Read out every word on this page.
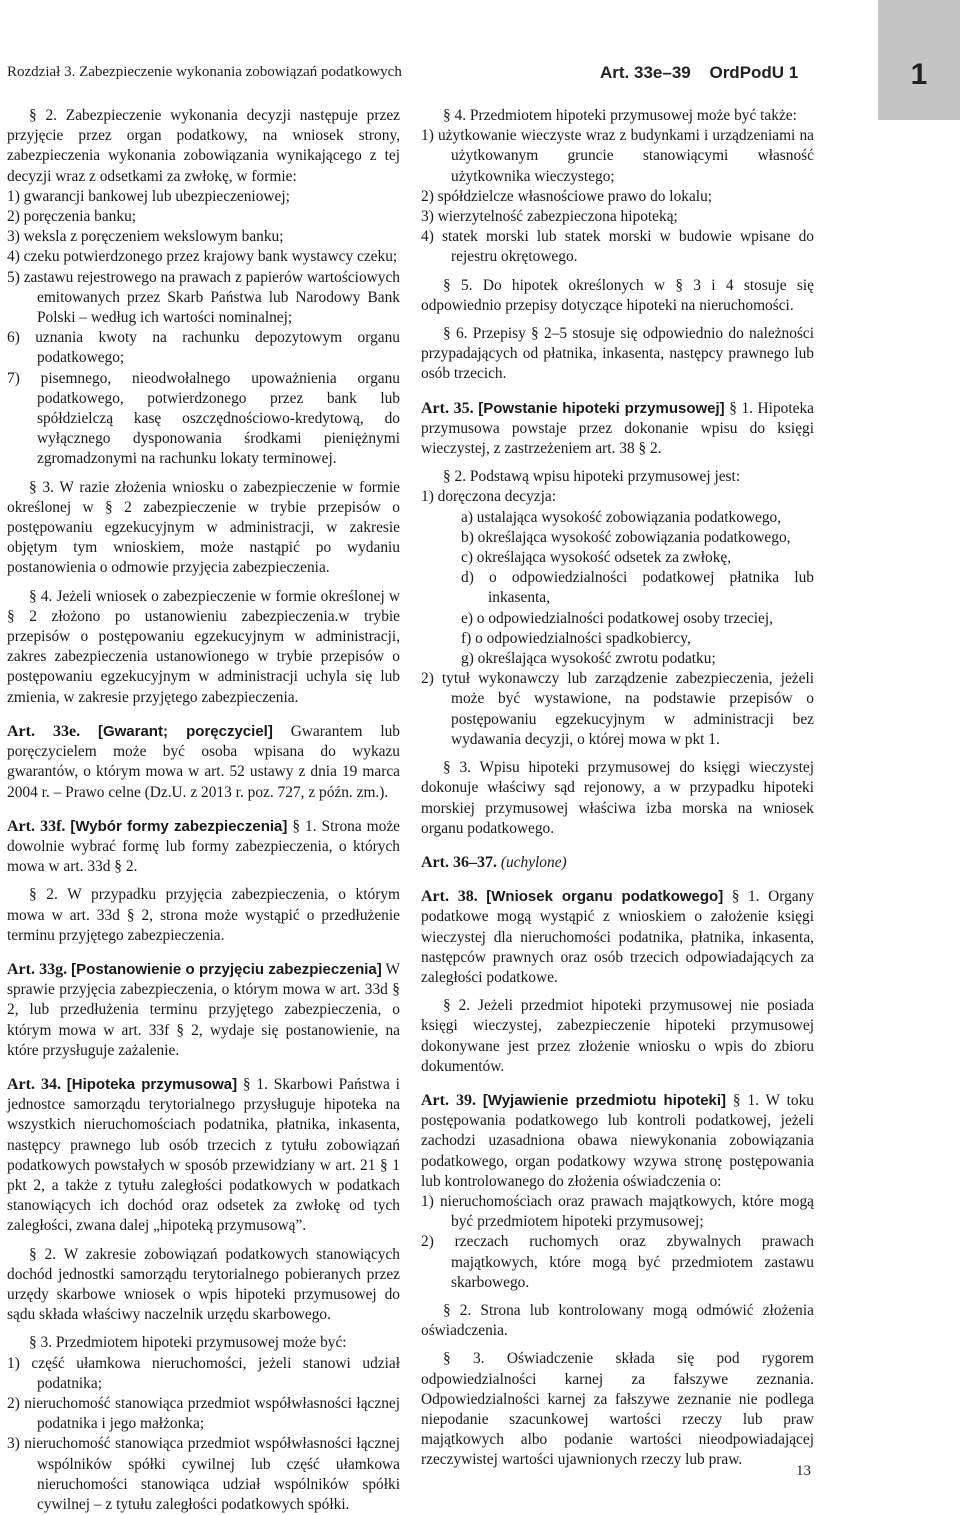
Rozdział 3. Zabezpieczenie wykonania zobowiązań podatkowych	Art. 33e–39 OrdPodU 1	1

§ 2. Zabezpieczenie wykonania decyzji następuje przez przyjęcie przez organ podatkowy, na wniosek strony, zabezpieczenia wykonania zobowiązania wynikającego z tej decyzji wraz z odsetkami za zwłokę, w formie:

1) gwarancji bankowej lub ubezpieczeniowej;

2) poręczenia banku;

3) weksla z poręczeniem wekslowym banku;

4) czeku potwierdzonego przez krajowy bank wystawcy czeku;

5) zastawu rejestrowego na prawach z papierów wartościowych emitowanych przez Skarb Państwa lub Narodowy Bank Polski – według ich wartości nominalnej;

6) uznania kwoty na rachunku depozytowym organu podatkowego;

7) pisemnego, nieodwołalnego upoważnienia organu podatkowego, potwierdzonego przez bank lub spółdzielczą kasę oszczędnościowo-kredytową, do wyłącznego dysponowania środkami pieniężnymi zgromadzonymi na rachunku lokaty terminowej.

§ 3. W razie złożenia wniosku o zabezpieczenie w formie określonej w § 2 zabezpieczenie w trybie przepisów o postępowaniu egzekucyjnym w administracji, w zakresie objętym tym wnioskiem, może nastąpić po wydaniu postanowienia o odmowie przyjęcia zabezpieczenia.

§ 4. Jeżeli wniosek o zabezpieczenie w formie określonej w § 2 złożono po ustanowieniu zabezpieczenia.w trybie przepisów o postępowaniu egzekucyjnym w administracji, zakres zabezpieczenia ustanowionego w trybie przepisów o postępowaniu egzekucyjnym w administracji uchyla się lub zmienia, w zakresie przyjętego zabezpieczenia.

Art. 33e. [Gwarant; poręczyciel] Gwarantem lub poręczycielem może być osoba wpisana do wykazu gwarantów, o którym mowa w art. 52 ustawy z dnia 19 marca 2004 r. – Prawo celne (Dz.U. z 2013 r. poz. 727, z późn. zm.).

Art. 33f. [Wybór formy zabezpieczenia] § 1. Strona może dowolnie wybrać formę lub formy zabezpieczenia, o których mowa w art. 33d § 2.

§ 2. W przypadku przyjęcia zabezpieczenia, o którym mowa w art. 33d § 2, strona może wystąpić o przedłużenie terminu przyjętego zabezpieczenia.

Art. 33g. [Postanowienie o przyjęciu zabezpieczenia] W sprawie przyjęcia zabezpieczenia, o którym mowa w art. 33d § 2, lub przedłużenia terminu przyjętego zabezpieczenia, o którym mowa w art. 33f § 2, wydaje się postanowienie, na które przysługuje zażalenie.

Art. 34. [Hipoteka przymusowa] § 1. Skarbowi Państwa i jednostce samorządu terytorialnego przysługuje hipoteka na wszystkich nieruchomościach podatnika, płatnika, inkasenta, następcy prawnego lub osób trzecich z tytułu zobowiązań podatkowych powstałych w sposób przewidziany w art. 21 § 1 pkt 2, a także z tytułu zaległości podatkowych w podatkach stanowiących ich dochód oraz odsetek za zwłokę od tych zaległości, zwana dalej „hipoteką przymusową”.

§ 2. W zakresie zobowiązań podatkowych stanowiących dochód jednostki samorządu terytorialnego pobieranych przez urzędy skarbowe wniosek o wpis hipoteki przymusowej do sądu składa właściwy naczelnik urzędu skarbowego.

§ 3. Przedmiotem hipoteki przymusowej może być:

1) część ułamkowa nieruchomości, jeżeli stanowi udział podatnika;

2) nieruchomość stanowiąca przedmiot współwłasności łącznej podatnika i jego małżonka;

3) nieruchomość stanowiąca przedmiot współwłasności łącznej wspólników spółki cywilnej lub część ułamkowa nieruchomości stanowiąca udział wspólników spółki cywilnej – z tytułu zaległości podatkowych spółki.

§ 4. Przedmiotem hipoteki przymusowej może być także:

1) użytkowanie wieczyste wraz z budynkami i urządzeniami na użytkowanym gruncie stanowiącymi własność użytkownika wieczystego;

2) spółdzielcze własnościowe prawo do lokalu;

3) wierzytelność zabezpieczona hipoteką;

4) statek morski lub statek morski w budowie wpisane do rejestru okrętowego.

§ 5. Do hipotek określonych w § 3 i 4 stosuje się odpowiednio przepisy dotyczące hipoteki na nieruchomości.

§ 6. Przepisy § 2–5 stosuje się odpowiednio do należności przypadających od płatnika, inkasenta, następcy prawnego lub osób trzecich.

Art. 35. [Powstanie hipoteki przymusowej] § 1. Hipoteka przymusowa powstaje przez dokonanie wpisu do księgi wieczystej, z zastrzeżeniem art. 38 § 2.

§ 2. Podstawą wpisu hipoteki przymusowej jest:

1) doręczona decyzja:

a) ustalająca wysokość zobowiązania podatkowego,

b) określająca wysokość zobowiązania podatkowego,

c) określająca wysokość odsetek za zwłokę,

d) o odpowiedzialności podatkowej płatnika lub inkasenta,

e) o odpowiedzialności podatkowej osoby trzeciej,

f) o odpowiedzialności spadkobiercy,

g) określająca wysokość zwrotu podatku;

2) tytuł wykonawczy lub zarządzenie zabezpieczenia, jeżeli może być wystawione, na podstawie przepisów o postępowaniu egzekucyjnym w administracji bez wydawania decyzji, o której mowa w pkt 1.

§ 3. Wpisu hipoteki przymusowej do księgi wieczystej dokonuje właściwy sąd rejonowy, a w przypadku hipoteki morskiej przymusowej właściwa izba morska na wniosek organu podatkowego.

Art. 36–37. (uchylone)

Art. 38. [Wniosek organu podatkowego] § 1. Organy podatkowe mogą wystąpić z wnioskiem o założenie księgi wieczystej dla nieruchomości podatnika, płatnika, inkasenta, następców prawnych oraz osób trzecich odpowiadających za zaległości podatkowe.

§ 2. Jeżeli przedmiot hipoteki przymusowej nie posiada księgi wieczystej, zabezpieczenie hipoteki przymusowej dokonywane jest przez złożenie wniosku o wpis do zbioru dokumentów.

Art. 39. [Wyjawienie przedmiotu hipoteki] § 1. W toku postępowania podatkowego lub kontroli podatkowej, jeżeli zachodzi uzasadniona obawa niewykonania zobowiązania podatkowego, organ podatkowy wzywa stronę postępowania lub kontrolowanego do złożenia oświadczenia o:

1) nieruchomościach oraz prawach majątkowych, które mogą być przedmiotem hipoteki przymusowej;

2) rzeczach ruchomych oraz zbywalnych prawach majątkowych, które mogą być przedmiotem zastawu skarbowego.

§ 2. Strona lub kontrolowany mogą odmówić złożenia oświadczenia.

§ 3. Oświadczenie składa się pod rygorem odpowiedzialności karnej za fałszywe zeznania. Odpowiedzialności karnej za fałszywe zeznanie nie podlega niepodanie szacunkowej wartości rzeczy lub praw majątkowych albo podanie wartości nieodpowiadającej rzeczywistej wartości ujawnionych rzeczy lub praw.

13
